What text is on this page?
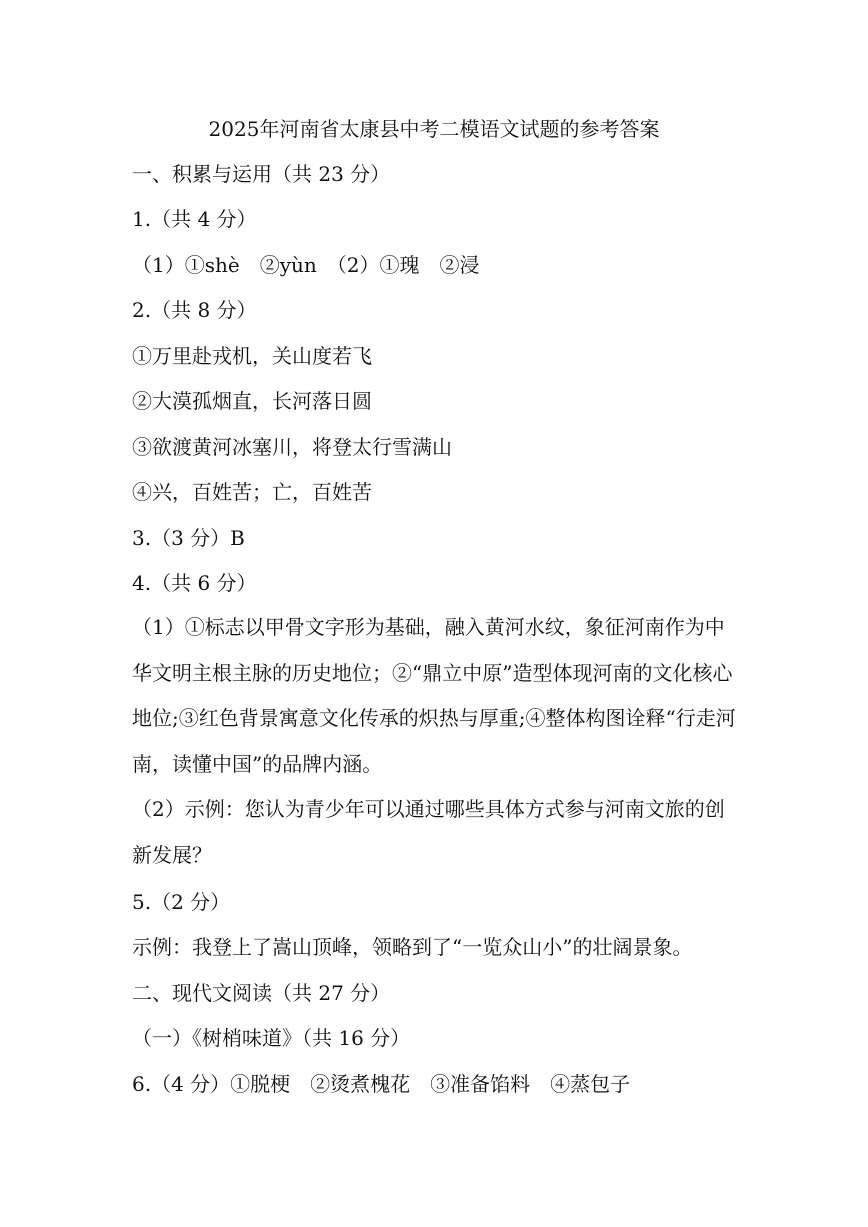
2025年河南省太康县中考二模语文试题的参考答案
一、积累与运用（共 23 分）
1.（共 4 分）
（1）①shè　②yùn　（2）①瑰　②浸
2.（共 8 分）
①万里赴戎机，关山度若飞
②大漠孤烟直，长河落日圆
③欲渡黄河冰塞川，将登太行雪满山
④兴，百姓苦；亡，百姓苦
3.（3 分）B
4.（共 6 分）
（1）①标志以甲骨文字形为基础，融入黄河水纹，象征河南作为中华文明主根主脉的历史地位；②“鼎立中原”造型体现河南的文化核心地位;③红色背景寓意文化传承的炽热与厚重;④整体构图诠释“行走河南，读懂中国”的品牌内涵。
（2）示例：您认为青少年可以通过哪些具体方式参与河南文旅的创新发展？
5.（2 分）
示例：我登上了嵩山顶峰，领略到了“一览众山小”的壮阔景象。
二、现代文阅读（共 27 分）
（一）《树梢味道》（共 16 分）
6.（4 分）①脱梗　②烫煮槐花　③准备馅料　④蒸包子
